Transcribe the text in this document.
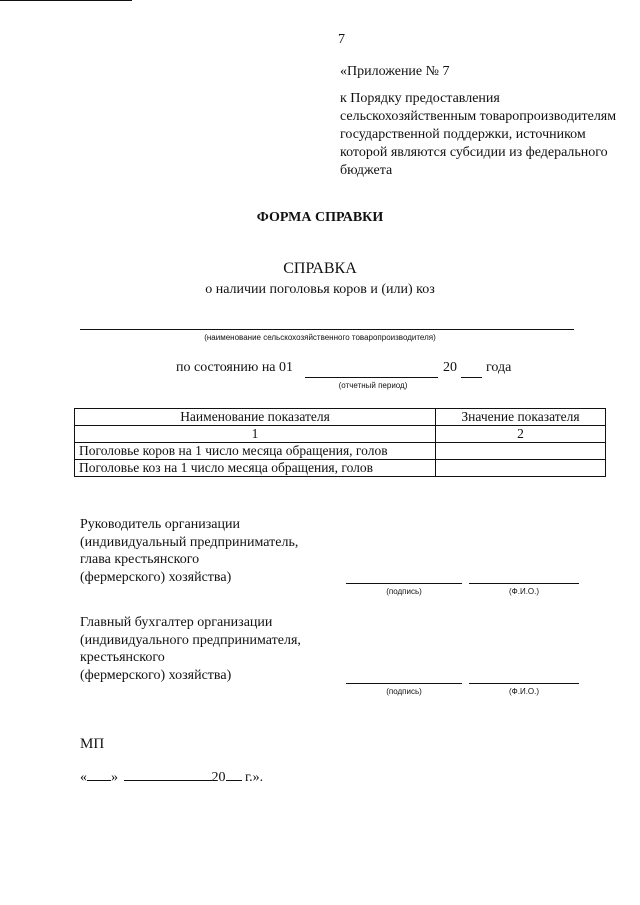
7
«Приложение № 7
к Порядку предоставления сельскохозяйственным товаропроизводителям государственной поддержки, источником которой являются субсидии из федерального бюджета
ФОРМА СПРАВКИ
СПРАВКА
о наличии поголовья коров и (или) коз
(наименование сельскохозяйственного товаропроизводителя)
по состоянию на 01	20 года
(отчетный период)
Наименование показателя	Значение показателя
1	2
Поголовье коров на 1 число месяца обращения, голов	
Поголовье коз на 1 число месяца обращения, голов	
Руководитель организации
(индивидуальный предприниматель,
глава крестьянского
(фермерского) хозяйства)
(подпись)	(Ф.И.О.)
Главный бухгалтер организации
(индивидуального предпринимателя,
крестьянского
(фермерского) хозяйства)
(подпись)	(Ф.И.О.)
МП
« »	20 г.».
